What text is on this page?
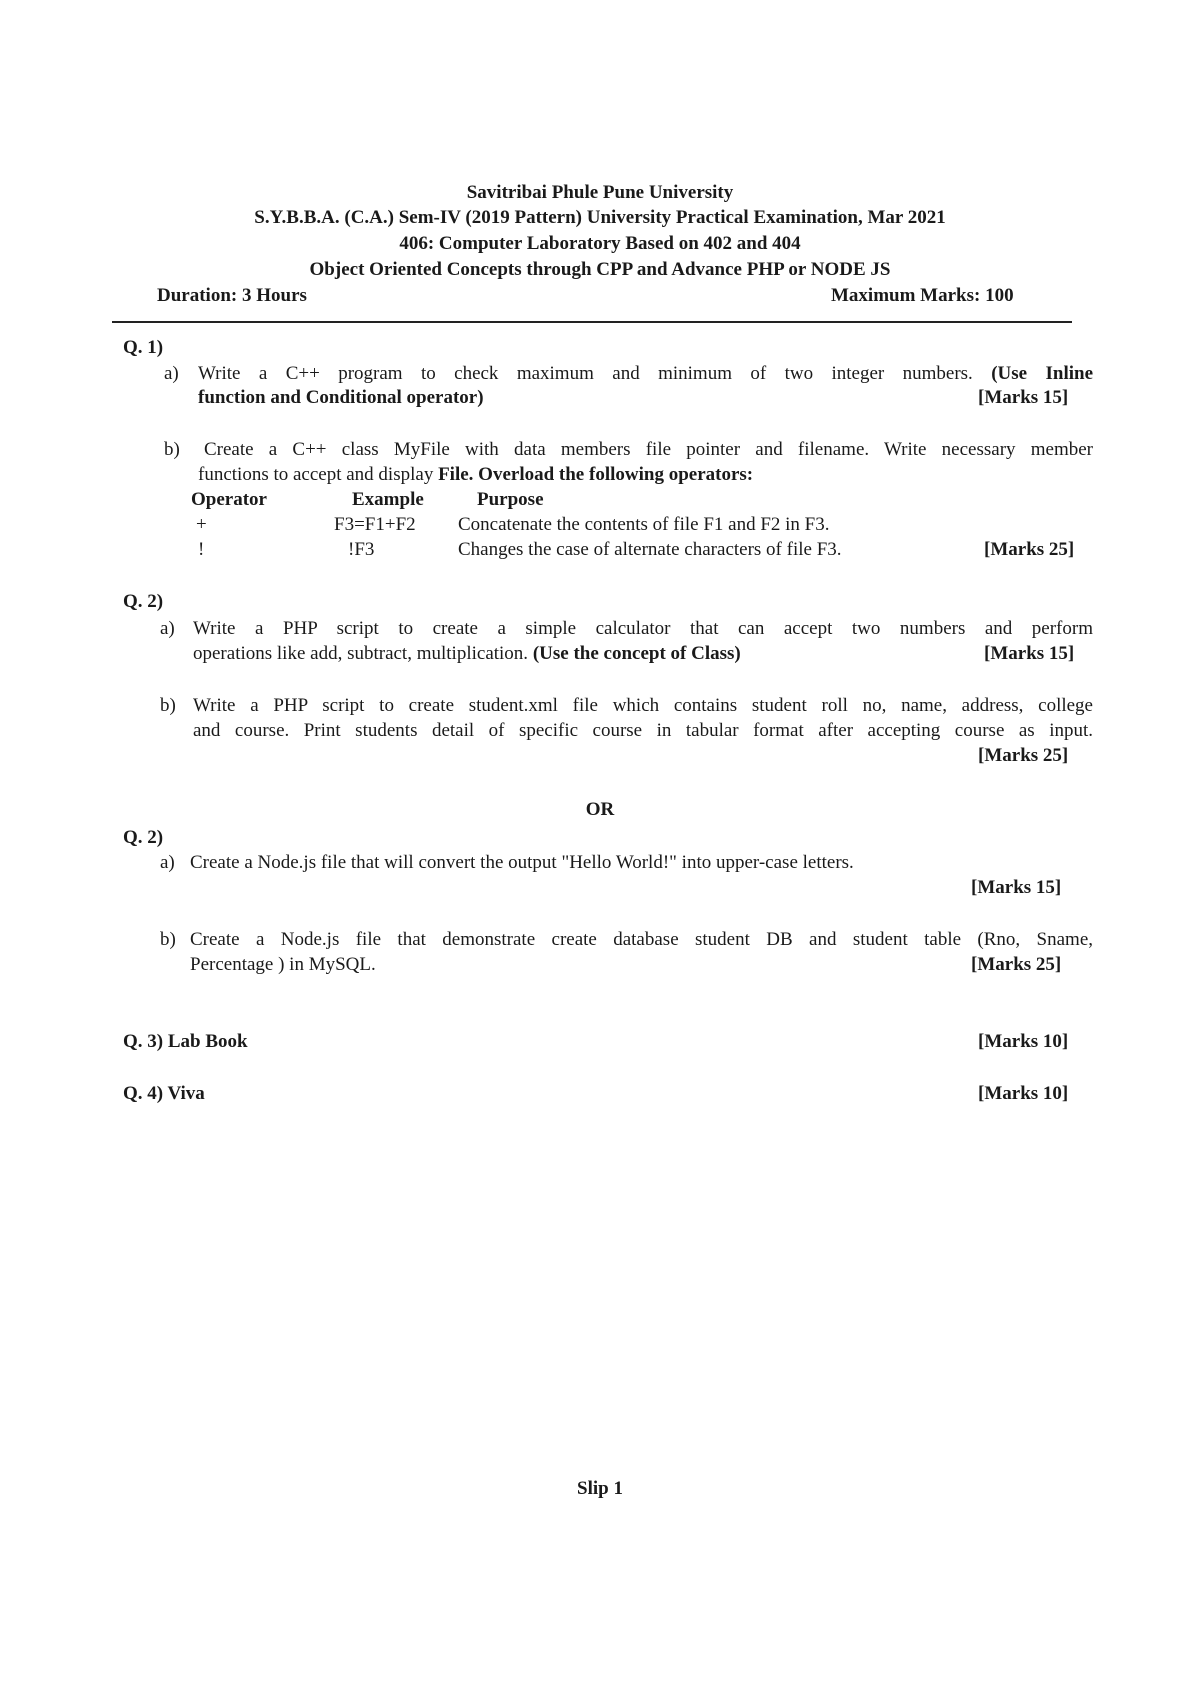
Savitribai Phule Pune University
S.Y.B.B.A. (C.A.) Sem-IV (2019 Pattern) University Practical Examination, Mar 2021
406: Computer Laboratory Based on 402 and 404
Object Oriented Concepts through CPP and Advance PHP or NODE JS
Duration: 3 Hours	Maximum Marks: 100
Q. 1)
a) Write a C++ program to check maximum and minimum of two integer numbers. (Use Inline
function and Conditional operator)	[Marks 15]
b) Create a C++ class MyFile with data members file pointer and filename. Write necessary member
functions to accept and display File. Overload the following operators:
Operator	Example	Purpose
+	F3=F1+F2 Concatenate the contents of file F1 and F2 in F3.
!	!F3	Changes the case of alternate characters of file F3.	[Marks 25]
Q. 2)
a) Write a PHP script to create a simple calculator that can accept two numbers and perform
operations like add, subtract, multiplication. (Use the concept of Class)	[Marks 15]
b) Write a PHP script to create student.xml file which contains student roll no, name, address, college
and course. Print students detail of specific course in tabular format after accepting course as input.
[Marks 25]
OR
Q. 2)
a) Create a Node.js file that will convert the output "Hello World!" into upper-case letters.
[Marks 15]
b) Create a Node.js file that demonstrate create database student DB and student table (Rno, Sname,
Percentage ) in MySQL.	[Marks 25]
Q. 3) Lab Book	[Marks 10]
Q. 4) Viva	[Marks 10]
Slip 1
